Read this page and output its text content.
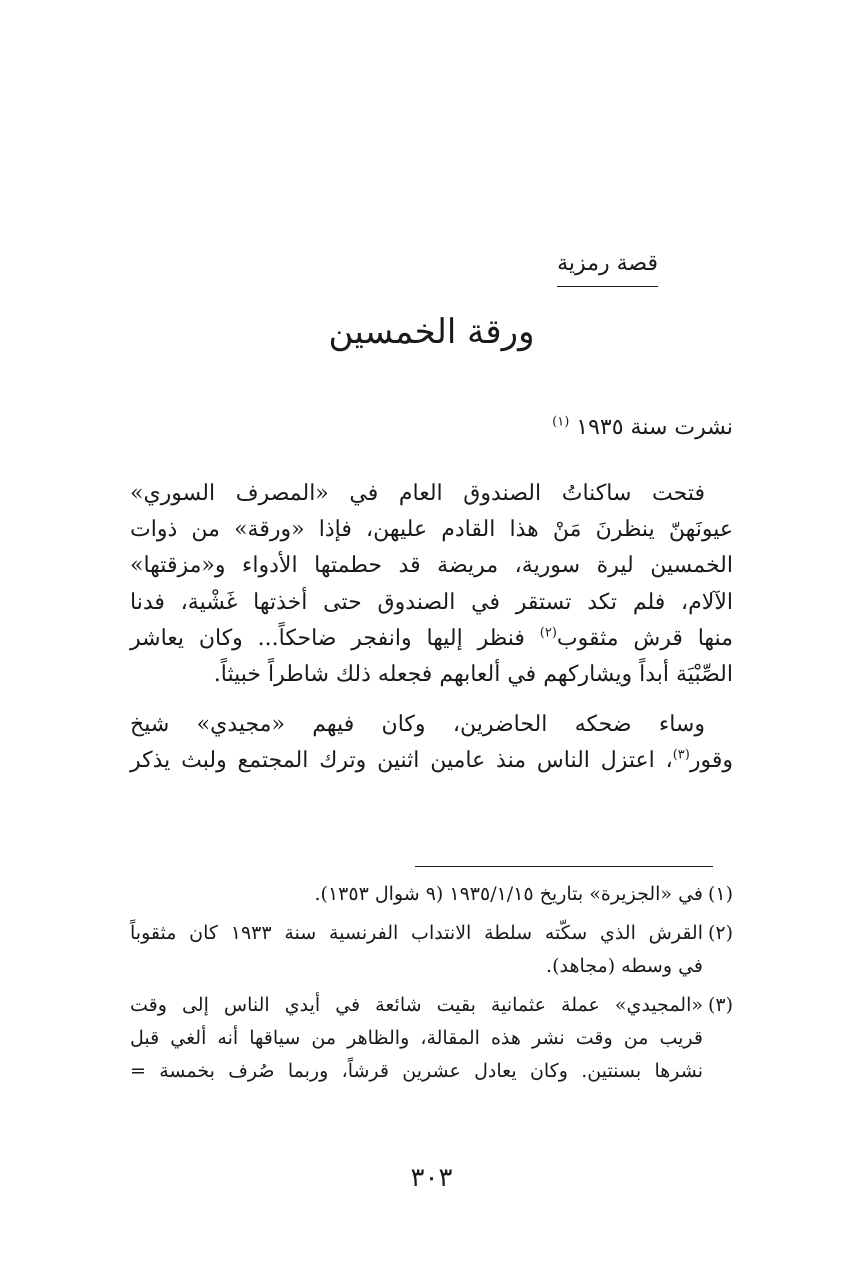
قصة رمزية
ورقة الخمسين
نشرت سنة ١٩٣٥ $^{(١)}$

فتحت ساكناتُ الصندوق العام في «المصرف السوري»
عيونَهنّ ينظرنَ مَنْ هذا القادم عليهن، فإذا «ورقة» من ذوات
الخمسين ليرة سورية، مريضة قد حطمتها الأدواء و«مزقتها»
الآلام، فلم تكد تستقر في الصندوق حتى أخذتها غَشْية، فدنا
منها قرش مثقوب$^{(٢)}$ فنظر إليها وانفجر ضاحكاً... وكان يعاشر
الصِّبْيَة أبداً ويشاركهم في ألعابهم فجعله ذلك شاطراً خبيثاً.

وساء ضحكه الحاضرين، وكان فيهم «مجيدي» شيخ
وقور$^{(٣)}$، اعتزل الناس منذ عامين اثنين وترك المجتمع ولبث يذكر

(١)
في «الجزيرة» بتاريخ ١٩٣٥/١/١٥ (٩ شوال ١٣٥٣).
(٢)
القرش الذي سكّته سلطة الانتداب الفرنسية سنة ١٩٣٣ كان مثقوباً
في وسطه (مجاهد).
(٣)
«المجيدي» عملة عثمانية بقيت شائعة في أيدي الناس إلى وقت
قريب من وقت نشر هذه المقالة، والظاهر من سياقها أنه ألغي قبل
نشرها بسنتين. وكان يعادل عشرين قرشاً، وربما صُرف بخمسة =
٣٠٣
